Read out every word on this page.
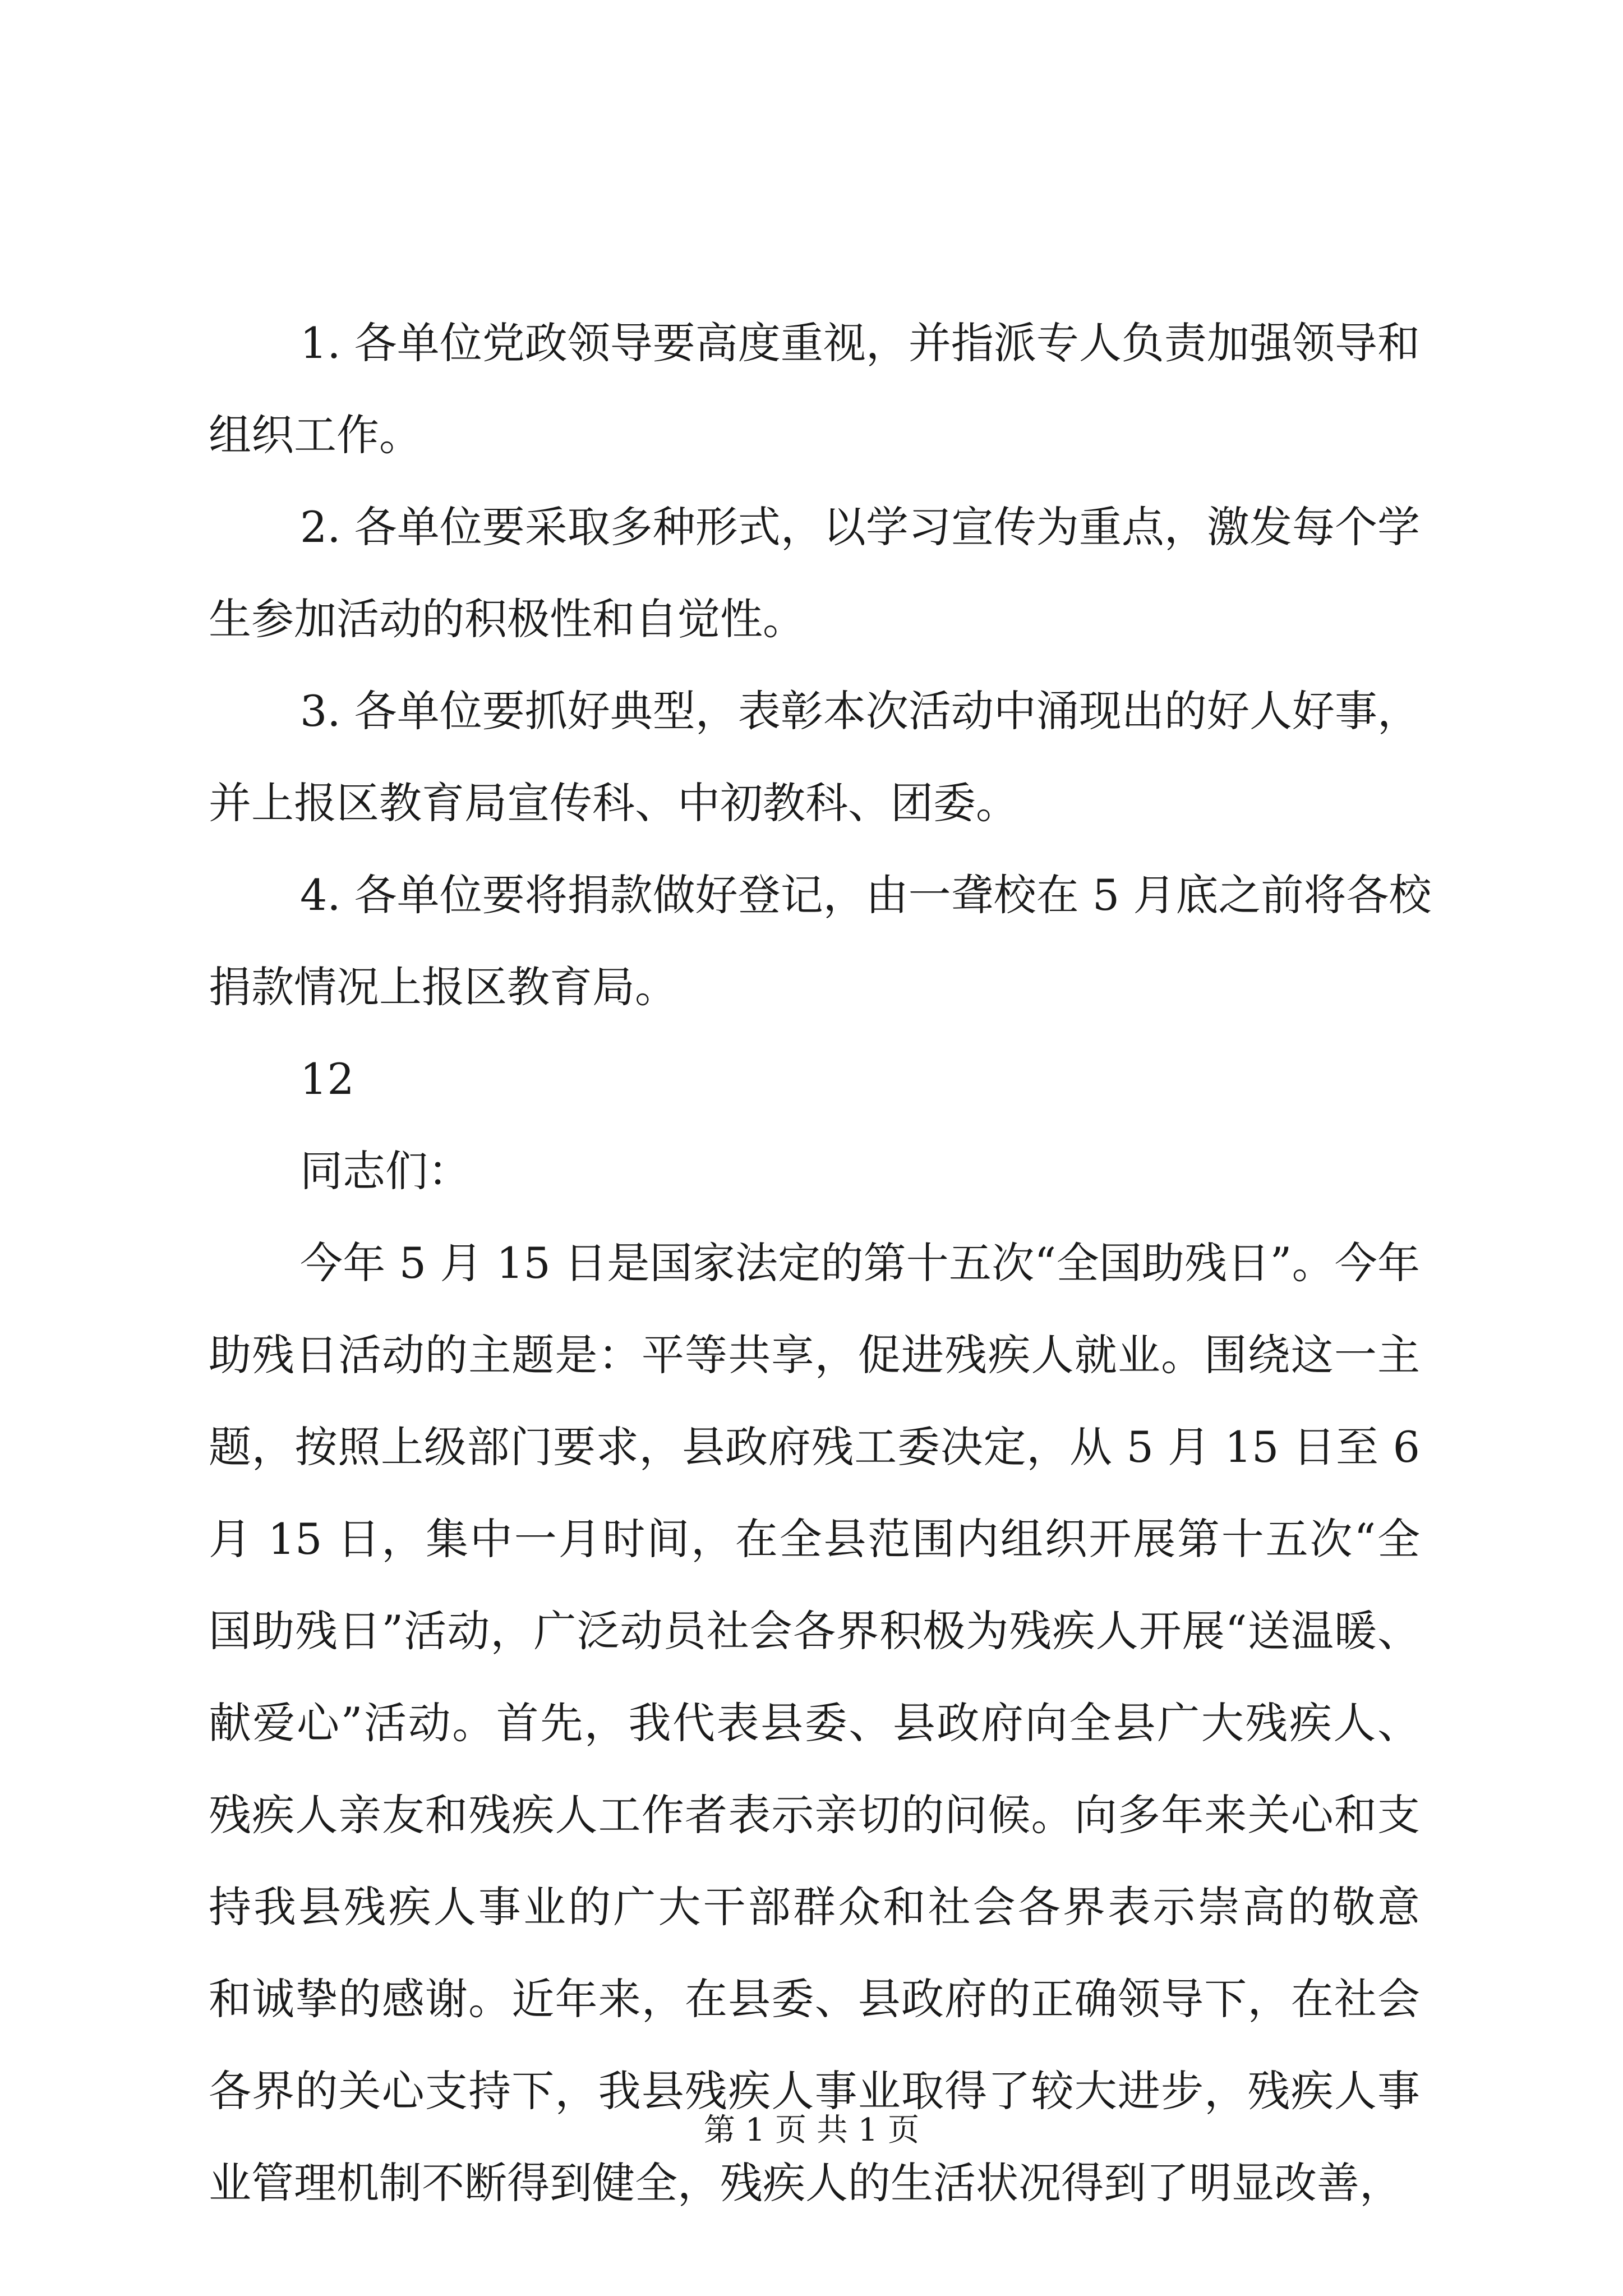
1. 各单位党政领导要高度重视，并指派专人负责加强领导和
组织工作。
2. 各单位要采取多种形式，以学习宣传为重点，激发每个学
生参加活动的积极性和自觉性。
3. 各单位要抓好典型，表彰本次活动中涌现出的好人好事，
并上报区教育局宣传科、中初教科、团委。
4. 各单位要将捐款做好登记，由一聋校在 5 月底之前将各校
捐款情况上报区教育局。
12
同志们：
今年 5 月 15 日是国家法定的第十五次“全国助残日”。今年
助残日活动的主题是：平等共享，促进残疾人就业。围绕这一主
题，按照上级部门要求，县政府残工委决定，从 5 月 15 日至 6
月 15 日，集中一月时间，在全县范围内组织开展第十五次“全
国助残日”活动，广泛动员社会各界积极为残疾人开展“送温暖、
献爱心”活动。首先，我代表县委、县政府向全县广大残疾人、
残疾人亲友和残疾人工作者表示亲切的问候。向多年来关心和支
持我县残疾人事业的广大干部群众和社会各界表示崇高的敬意
和诚挚的感谢。近年来，在县委、县政府的正确领导下，在社会
各界的关心支持下，我县残疾人事业取得了较大进步，残疾人事
业管理机制不断得到健全，残疾人的生活状况得到了明显改善，
第 1 页 共 1 页
